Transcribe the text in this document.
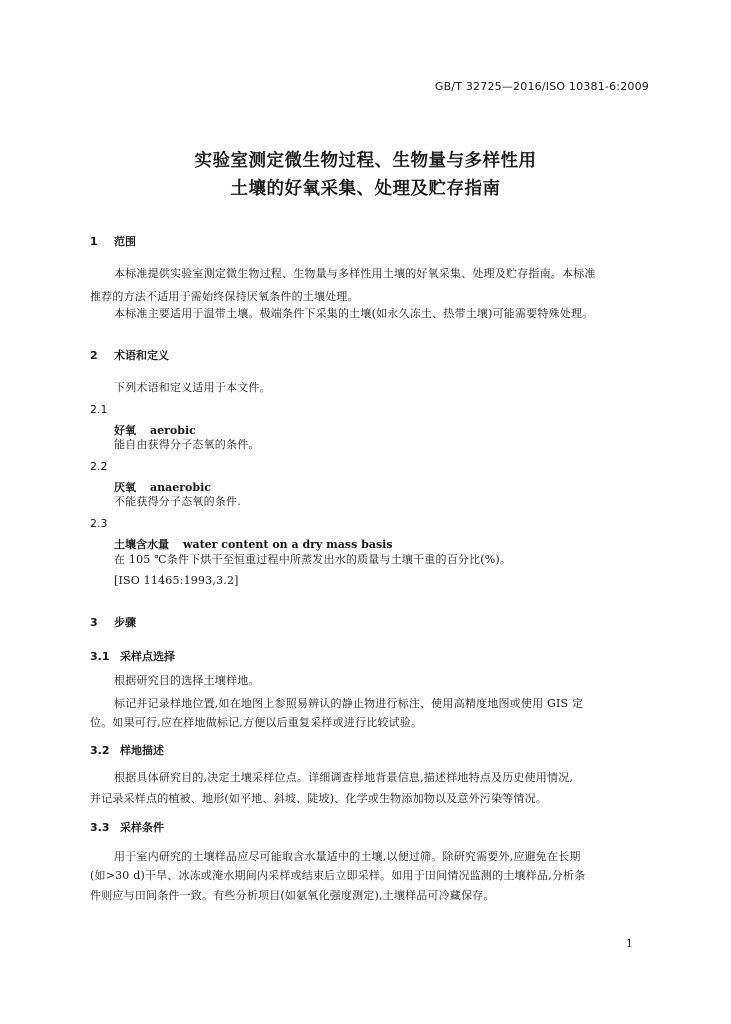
GB/T 32725—2016/ISO 10381-6:2009
实验室测定微生物过程、生物量与多样性用
土壤的好氧采集、处理及贮存指南
1 范围
本标准提供实验室测定微生物过程、生物量与多样性用土壤的好氧采集、处理及贮存指南。本标准
推荐的方法不适用于需始终保持厌氧条件的土壤处理。
本标准主要适用于温带土壤。极端条件下采集的土壤(如永久冻土、热带土壤)可能需要特殊处理。
2 术语和定义
下列术语和定义适用于本文件。
2.1
好氧 aerobic
能自由获得分子态氧的条件。
2.2
厌氧 anaerobic
不能获得分子态氧的条件.
2.3
土壤含水量 water content on a dry mass basis
在 105 ℃条件下烘干至恒重过程中所蒸发出水的质量与土壤干重的百分比(%)。
[ISO 11465:1993,3.2]
3 步骤
3.1 采样点选择
根据研究目的选择土壤样地。
标记并记录样地位置,如在地图上参照易辨认的静止物进行标注、使用高精度地图或使用 GIS 定
位。如果可行,应在样地做标记,方便以后重复采样或进行比较试验。
3.2 样地描述
根据具体研究目的,决定土壤采样位点。详细调查样地背景信息,描述样地特点及历史使用情况,
并记录采样点的植被、地形(如平地、斜坡、陡坡)、化学或生物添加物以及意外污染等情况。
3.3 采样条件
用于室内研究的土壤样品应尽可能取含水量适中的土壤,以便过筛。除研究需要外,应避免在长期
(如>30 d)干旱、冰冻或淹水期间内采样或结束后立即采样。如用于田间情况监测的土壤样品,分析条
件则应与田间条件一致。有些分析项目(如氨氧化强度测定),土壤样品可冷藏保存。
1
